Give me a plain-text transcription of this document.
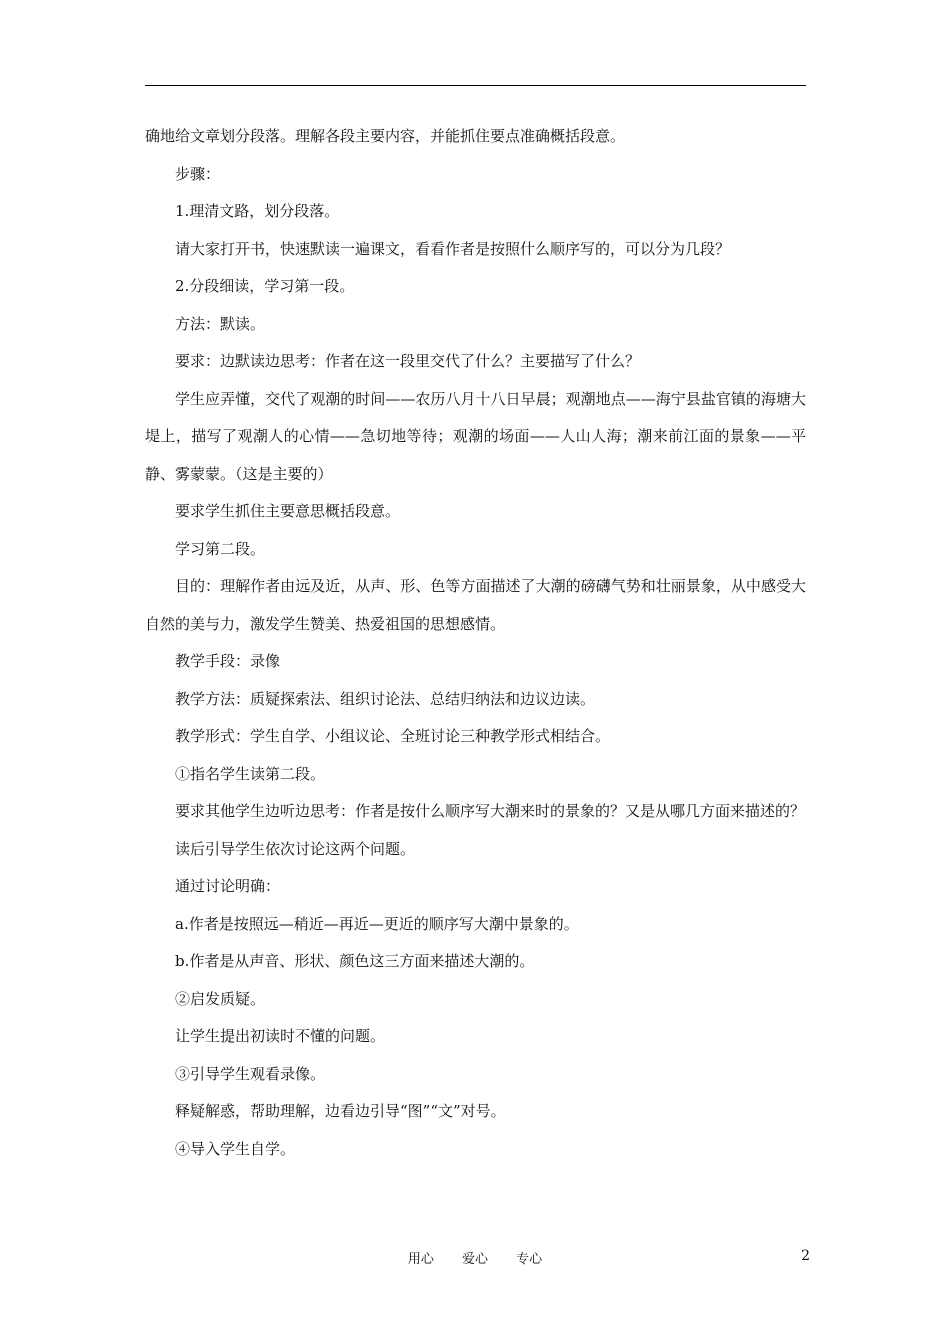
确地给文章划分段落。理解各段主要内容，并能抓住要点准确概括段意。

步骤：

1.理清文路，划分段落。

请大家打开书，快速默读一遍课文，看看作者是按照什么顺序写的，可以分为几段？

2.分段细读，学习第一段。

方法：默读。

要求：边默读边思考：作者在这一段里交代了什么？主要描写了什么？

学生应弄懂，交代了观潮的时间——农历八月十八日早晨；观潮地点——海宁县盐官镇的海塘大堤上，描写了观潮人的心情——急切地等待；观潮的场面——人山人海；潮来前江面的景象——平静、雾蒙蒙。（这是主要的）

要求学生抓住主要意思概括段意。

学习第二段。

目的：理解作者由远及近，从声、形、色等方面描述了大潮的磅礴气势和壮丽景象，从中感受大自然的美与力，激发学生赞美、热爱祖国的思想感情。

教学手段：录像

教学方法：质疑探索法、组织讨论法、总结归纳法和边议边读。

教学形式：学生自学、小组议论、全班讨论三种教学形式相结合。

①指名学生读第二段。

要求其他学生边听边思考：作者是按什么顺序写大潮来时的景象的？又是从哪几方面来描述的？

读后引导学生依次讨论这两个问题。

通过讨论明确：

a.作者是按照远—稍近—再近—更近的顺序写大潮中景象的。

b.作者是从声音、形状、颜色这三方面来描述大潮的。

②启发质疑。

让学生提出初读时不懂的问题。

③引导学生观看录像。

释疑解惑，帮助理解，边看边引导“图”“文”对号。

④导入学生自学。

用心 爱心 专心	2
